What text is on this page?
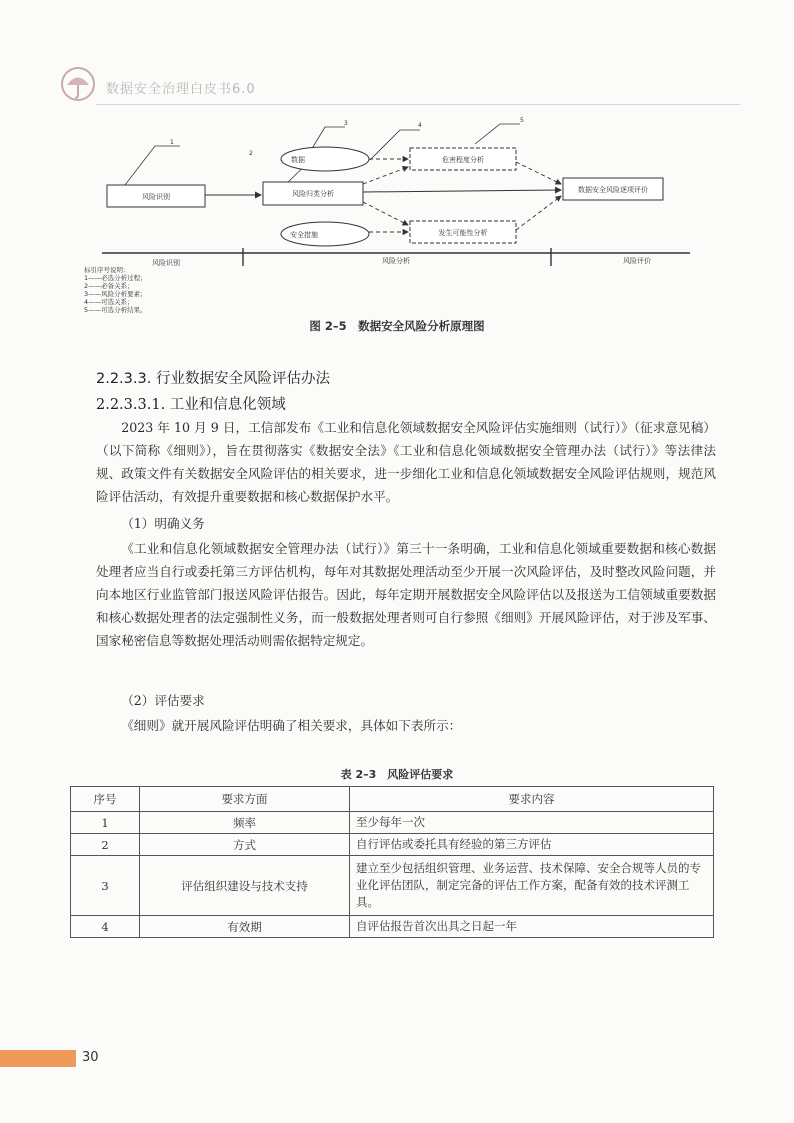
数据安全治理白皮书6.0
1
2
3	4
5
风险识别	风险归类分析
危害程度分析
发生可能性分析
数据安全风险逐项评价
数据
安全措施
风险识别	风险分析	风险评价
标引序号说明：
1——必选分析过程；
2——必备关系；
3——风险分析要素；
4——可选关系；
5——可选分析结果。
图 2–5　数据安全风险分析原理图
2.2.3.3. 行业数据安全风险评估办法
2.2.3.3.1. 工业和信息化领域
2023 年 10 月 9 日，工信部发布《工业和信息化领域数据安全风险评估实施细则（试行）》（征求意见稿）（以下简称《细则》），旨在贯彻落实《数据安全法》《工业和信息化领域数据安全管理办法（试行）》等法律法规、政策文件有关数据安全风险评估的相关要求，进一步细化工业和信息化领域数据安全风险评估规则，规范风险评估活动，有效提升重要数据和核心数据保护水平。
（1）明确义务
《工业和信息化领域数据安全管理办法（试行）》第三十一条明确，工业和信息化领域重要数据和核心数据处理者应当自行或委托第三方评估机构，每年对其数据处理活动至少开展一次风险评估，及时整改风险问题，并向本地区行业监管部门报送风险评估报告。因此，每年定期开展数据安全风险评估以及报送为工信领域重要数据和核心数据处理者的法定强制性义务，而一般数据处理者则可自行参照《细则》开展风险评估，对于涉及军事、国家秘密信息等数据处理活动则需依据特定规定。
（2）评估要求
《细则》就开展风险评估明确了相关要求，具体如下表所示：
表 2–3　风险评估要求
序号	要求方面	要求内容
1	频率	至少每年一次
2	方式	自行评估或委托具有经验的第三方评估
3	评估组织建设与技术支持	建立至少包括组织管理、业务运营、技术保障、安全合规等人员的专业化评估团队，制定完备的评估工作方案，配备有效的技术评测工具。
4	有效期	自评估报告首次出具之日起一年
30
